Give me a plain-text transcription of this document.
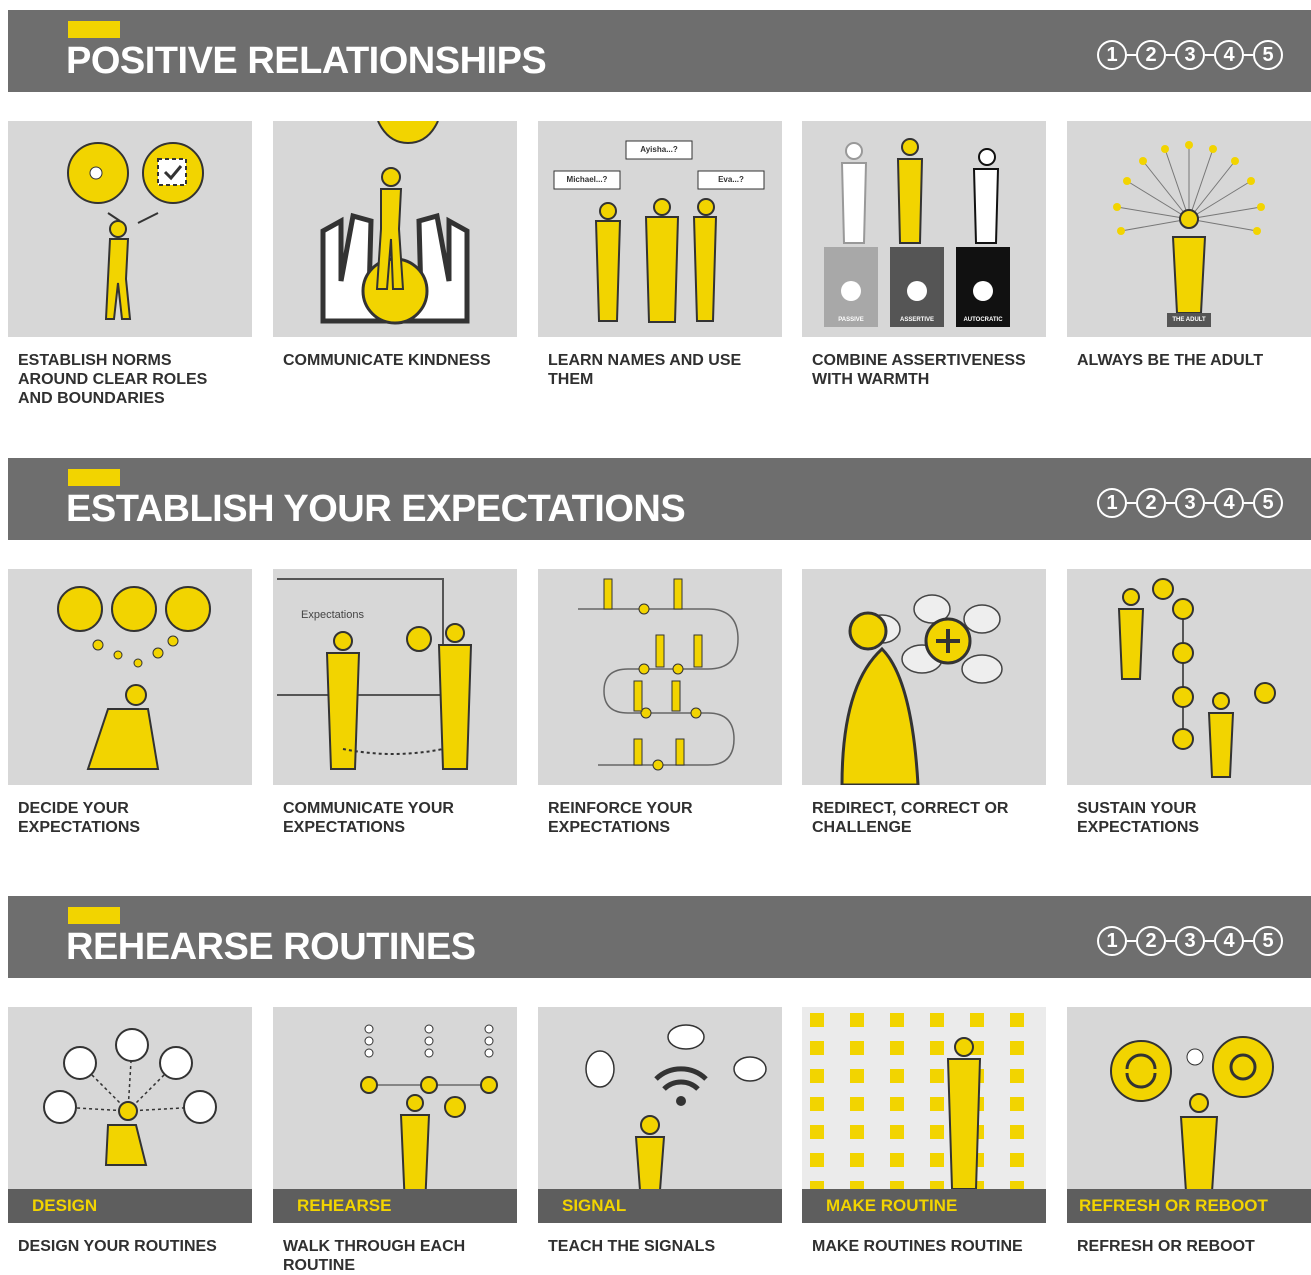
POSITIVE RELATIONSHIPS	1	2	3	4	5
ESTABLISH NORMS AROUND CLEAR ROLES AND BOUNDARIES
COMMUNICATE KINDNESS
Michael...?
Ayisha...?
Eva...?
LEARN NAMES AND USE THEM
PASSIVE	ASSERTIVE	AUTOCRATIC
COMBINE ASSERTIVENESS WITH WARMTH
THE ADULT
ALWAYS BE THE ADULT
ESTABLISH YOUR EXPECTATIONS	1	2	3	4	5
DECIDE YOUR EXPECTATIONS
Expectations
COMMUNICATE YOUR EXPECTATIONS
REINFORCE YOUR EXPECTATIONS
REDIRECT, CORRECT OR CHALLENGE
SUSTAIN YOUR EXPECTATIONS
REHEARSE ROUTINES	1	2	3	4	5
DESIGN
DESIGN YOUR ROUTINES
REHEARSE
WALK THROUGH EACH ROUTINE
SIGNAL
TEACH THE SIGNALS
MAKE ROUTINE
MAKE ROUTINES ROUTINE
REFRESH OR REBOOT
REFRESH OR REBOOT
